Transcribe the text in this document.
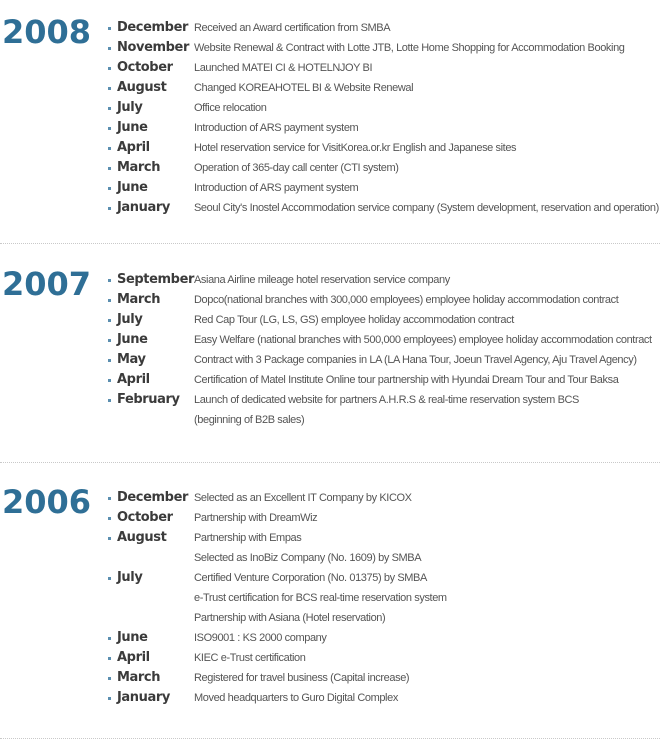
2008 December Received an Award certification from SMBA
November Website Renewal & Contract with Lotte JTB, Lotte Home Shopping for Accommodation Booking
October Launched MATEI CI & HOTELNJOY BI
August	Changed KOREAHOTEL BI & Website Renewal
July	Office relocation
June	Introduction of ARS payment system
April	Hotel reservation service for VisitKorea.or.kr English and Japanese sites
March	Operation of 365-day call center (CTI system)
June	Introduction of ARS payment system
January Seoul City's Inostel Accommodation service company (System development, reservation and operation)
2007 September Asiana Airline mileage hotel reservation service company
March	Dopco(national branches with 300,000 employees) employee holiday accommodation contract
July	Red Cap Tour (LG, LS, GS) employee holiday accommodation contract
June	Easy Welfare (national branches with 500,000 employees) employee holiday accommodation contract
May	Contract with 3 Package companies in LA (LA Hana Tour, Joeun Travel Agency, Aju Travel Agency)
April	Certification of Matel Institute Online tour partnership with Hyundai Dream Tour and Tour Baksa
February Launch of dedicated website for partners A.H.R.S & real-time reservation system BCS
(beginning of B2B sales)
2006 December Selected as an Excellent IT Company by KICOX
October Partnership with DreamWiz
August	Partnership with Empas
Selected as InoBiz Company (No. 1609) by SMBA
July	Certified Venture Corporation (No. 01375) by SMBA
e-Trust certification for BCS real-time reservation system
Partnership with Asiana (Hotel reservation)
June	ISO9001 : KS 2000 company
April	KIEC e-Trust certification
March	Registered for travel business (Capital increase)
January Moved headquarters to Guro Digital Complex
